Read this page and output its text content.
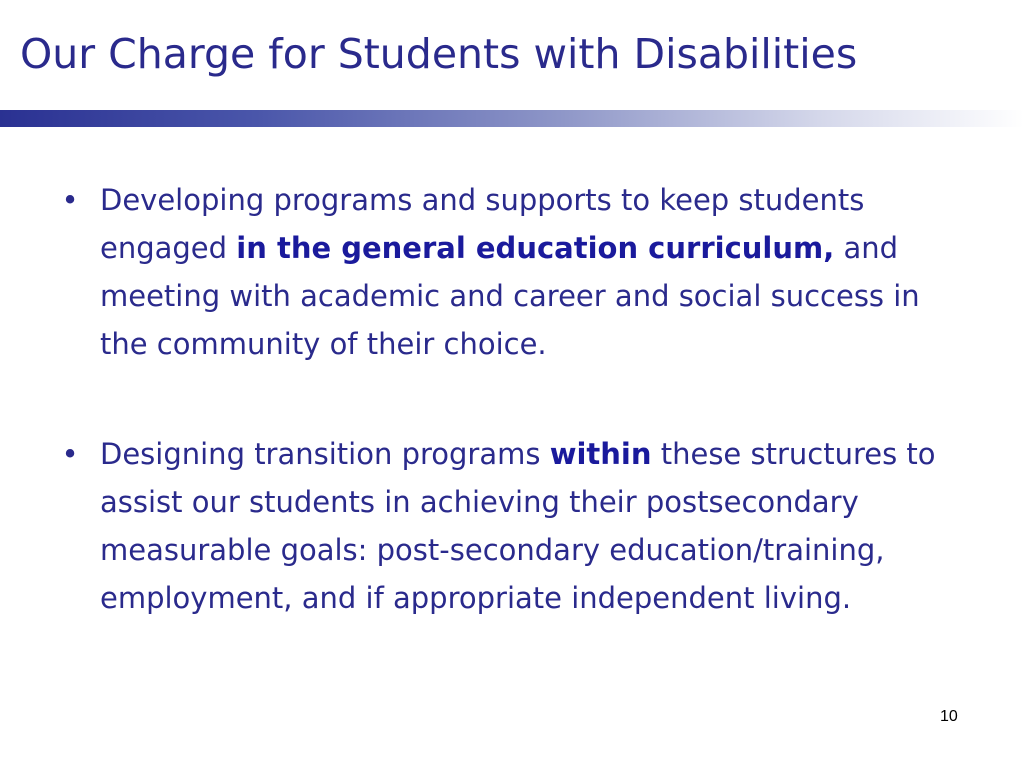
Our Charge for Students with Disabilities
• Developing programs and supports to keep students engaged in the general education curriculum, and meeting with academic and career and social success in the community of their choice.
• Designing transition programs within these structures to assist our students in achieving their postsecondary measurable goals: post-secondary education/training, employment, and if appropriate independent living.
10
